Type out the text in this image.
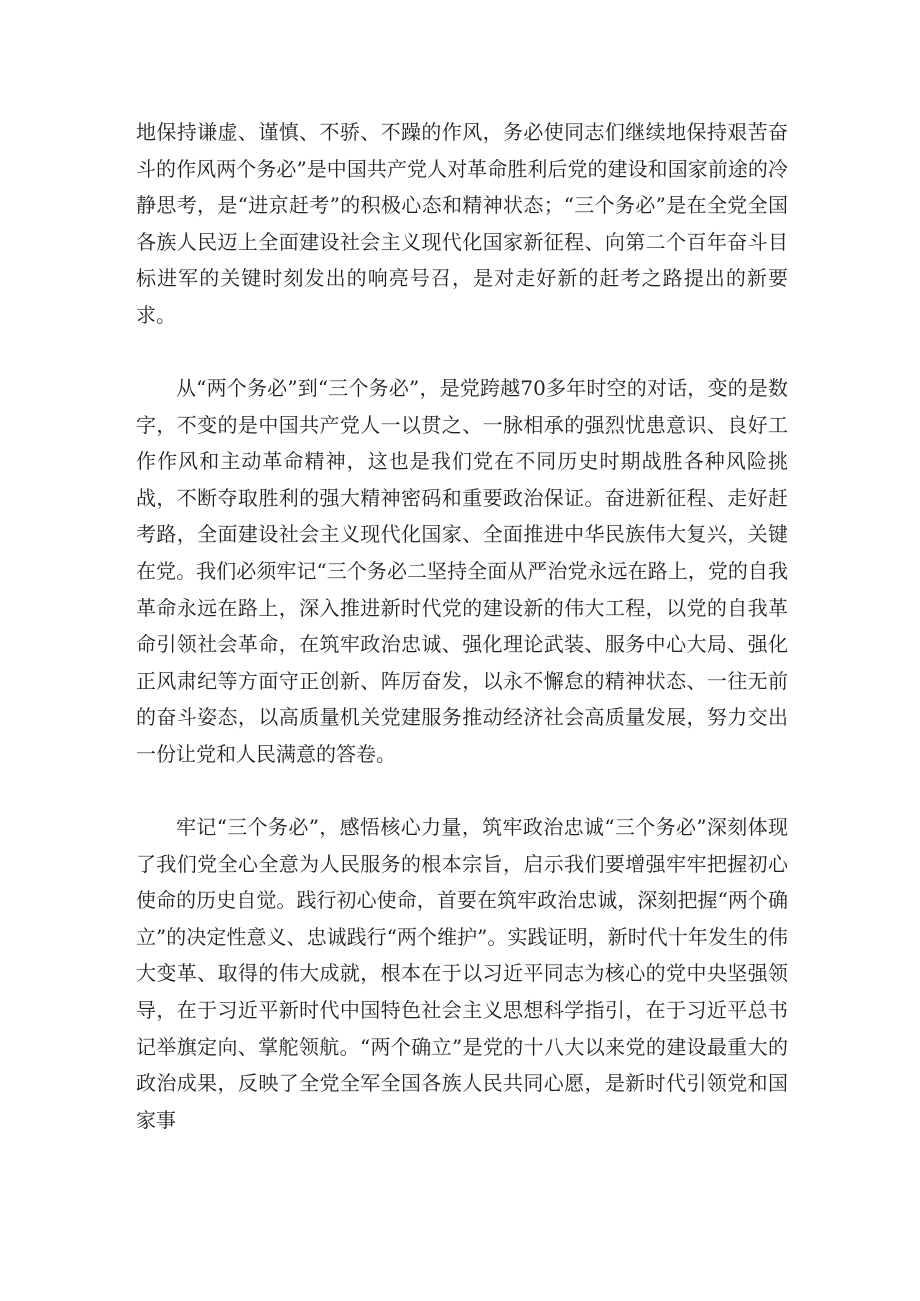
地保持谦虚、谨慎、不骄、不躁的作风，务必使同志们继续地保持艰苦奋斗的作风两个务必”是中国共产党人对革命胜利后党的建设和国家前途的冷静思考，是“进京赶考”的积极心态和精神状态；“三个务必”是在全党全国各族人民迈上全面建设社会主义现代化国家新征程、向第二个百年奋斗目标进军的关键时刻发出的响亮号召，是对走好新的赶考之路提出的新要求。

从“两个务必”到“三个务必”，是党跨越70多年时空的对话，变的是数字，不变的是中国共产党人一以贯之、一脉相承的强烈忧患意识、良好工作作风和主动革命精神，这也是我们党在不同历史时期战胜各种风险挑战，不断夺取胜利的强大精神密码和重要政治保证。奋进新征程、走好赶考路，全面建设社会主义现代化国家、全面推进中华民族伟大复兴，关键在党。我们必须牢记“三个务必二坚持全面从严治党永远在路上，党的自我革命永远在路上，深入推进新时代党的建设新的伟大工程，以党的自我革命引领社会革命，在筑牢政治忠诚、强化理论武装、服务中心大局、强化正风肃纪等方面守正创新、阵厉奋发，以永不懈怠的精神状态、一往无前的奋斗姿态，以高质量机关党建服务推动经济社会高质量发展，努力交出一份让党和人民满意的答卷。

牢记“三个务必”，感悟核心力量，筑牢政治忠诚“三个务必”深刻体现了我们党全心全意为人民服务的根本宗旨，启示我们要增强牢牢把握初心使命的历史自觉。践行初心使命，首要在筑牢政治忠诚，深刻把握“两个确立”的决定性意义、忠诚践行“两个维护”。实践证明，新时代十年发生的伟大变革、取得的伟大成就，根本在于以习近平同志为核心的党中央坚强领导，在于习近平新时代中国特色社会主义思想科学指引，在于习近平总书记举旗定向、掌舵领航。“两个确立”是党的十八大以来党的建设最重大的政治成果，反映了全党全军全国各族人民共同心愿，是新时代引领党和国家事
